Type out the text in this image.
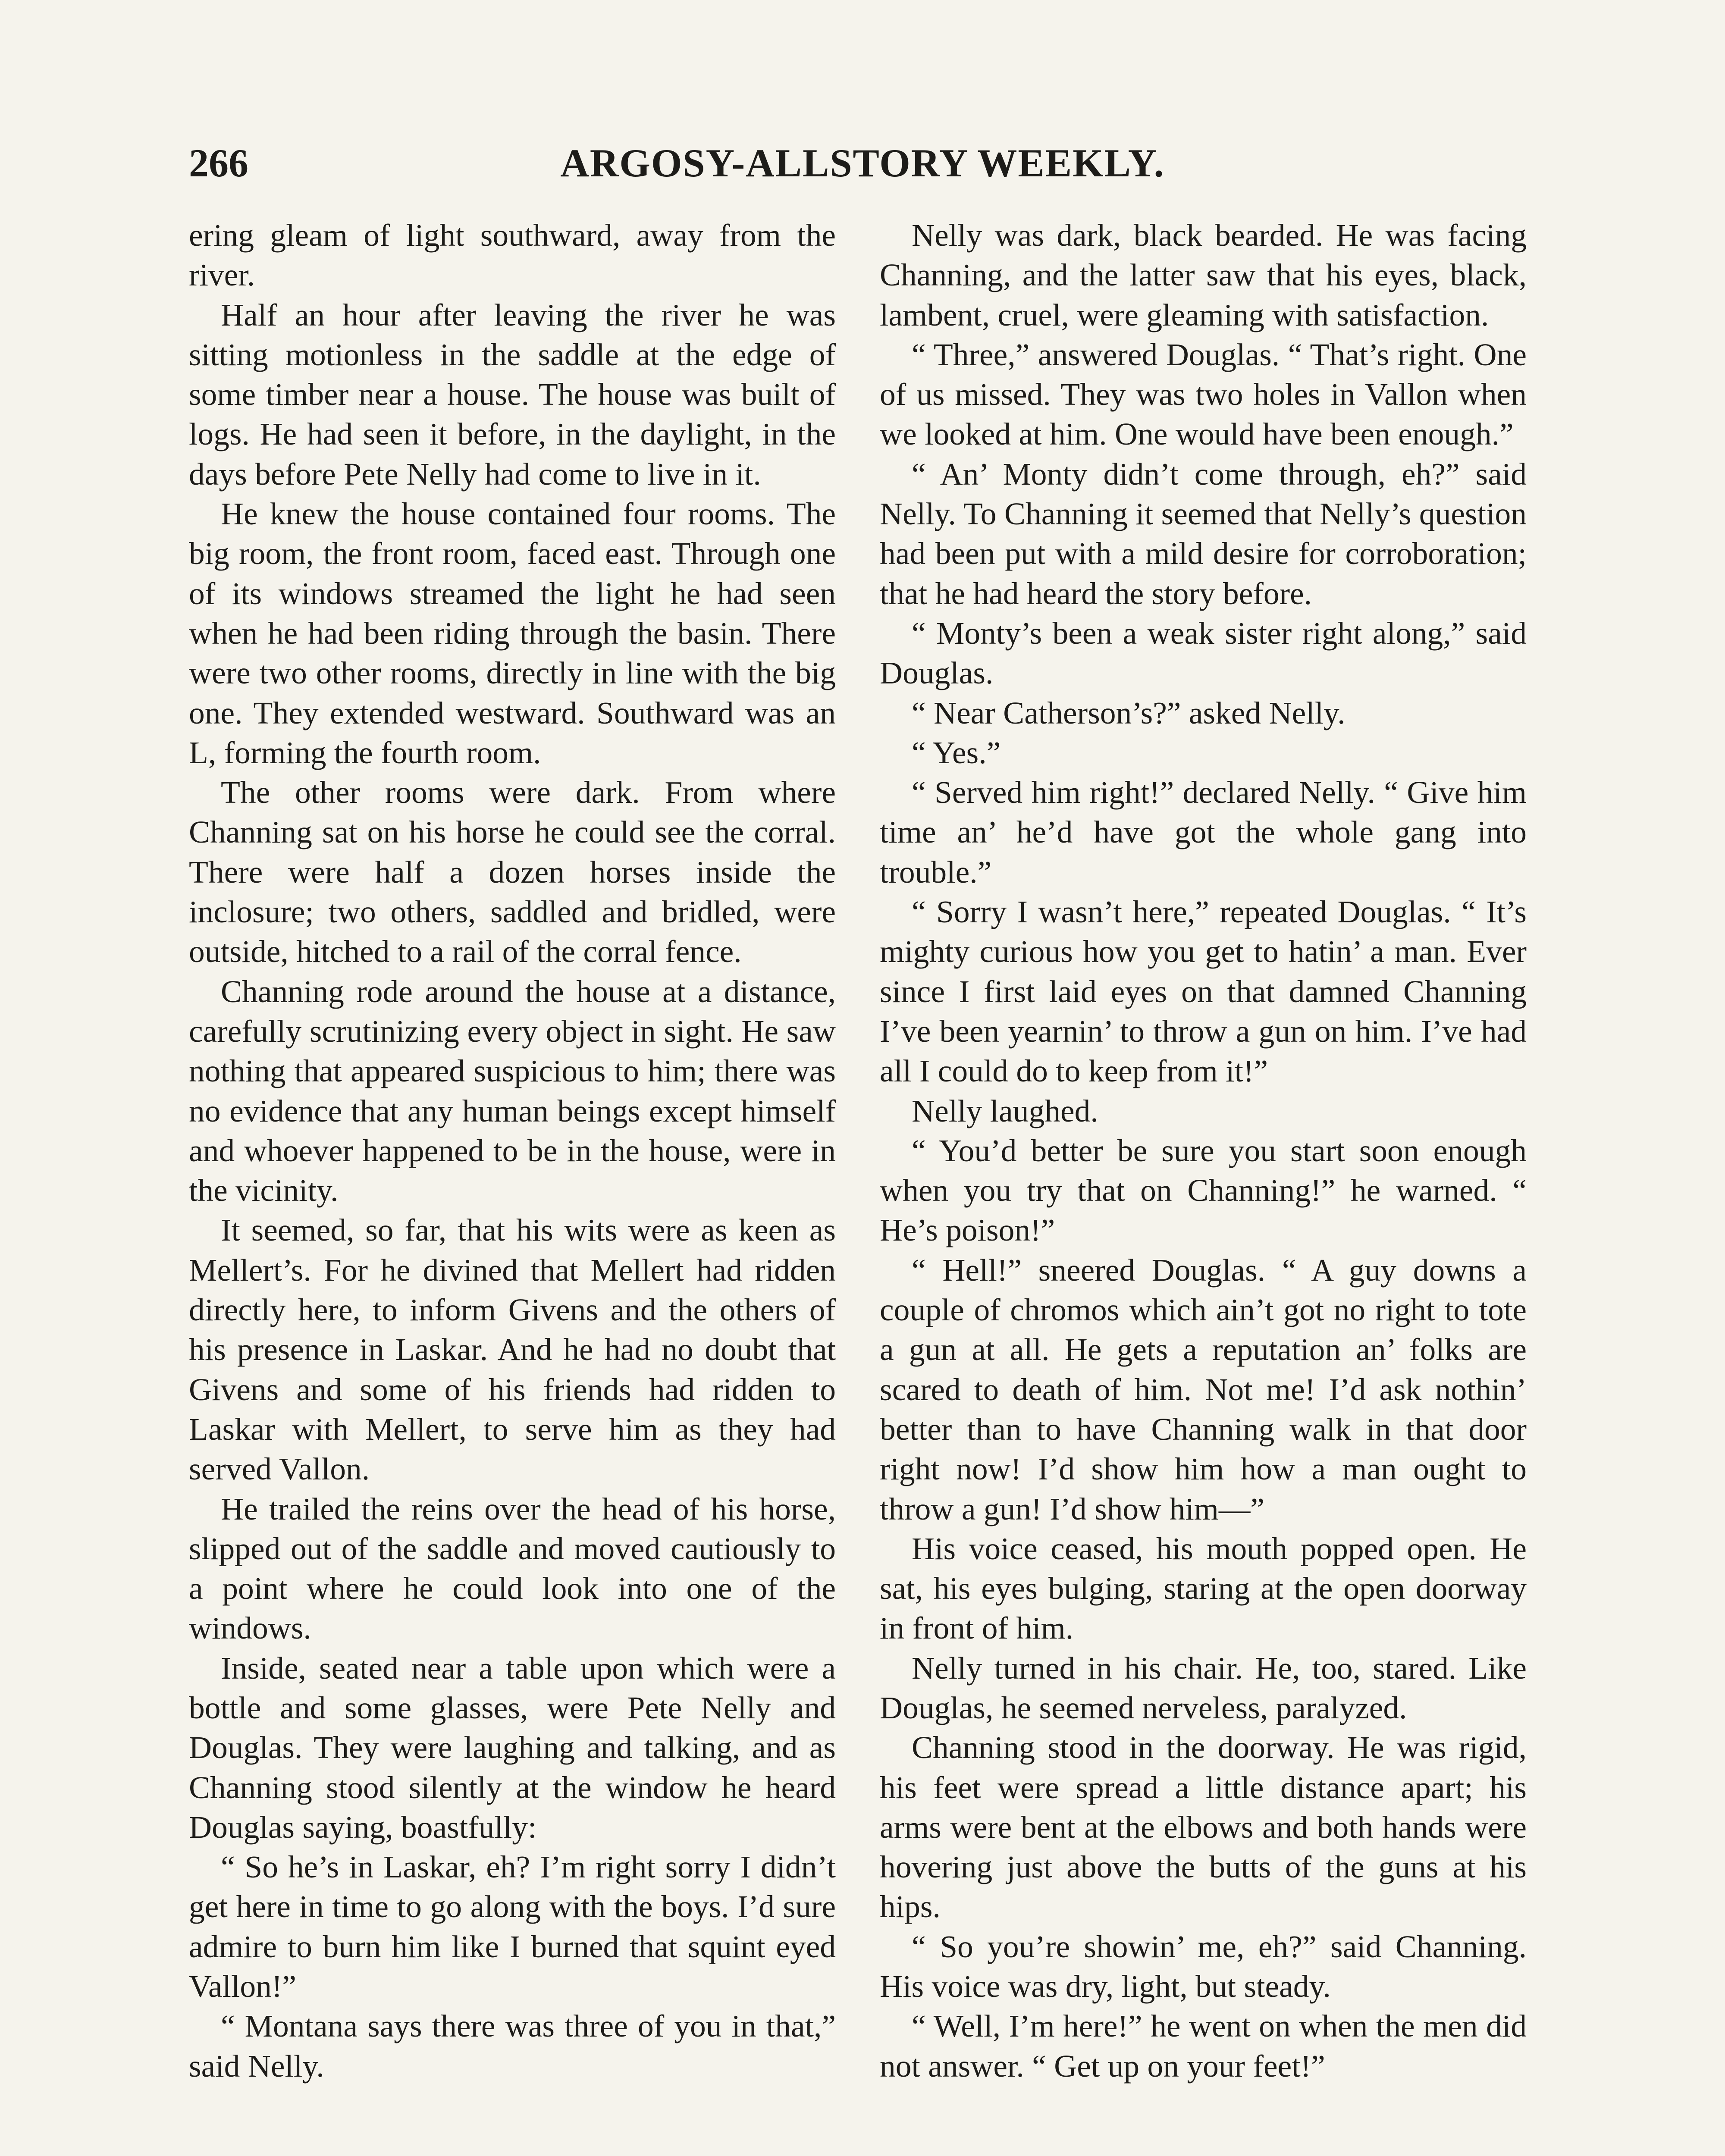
266	ARGOSY-ALLSTORY WEEKLY.

ering gleam of light southward, away from the river.

Half an hour after leaving the river he was sitting motionless in the saddle at the edge of some timber near a house. The house was built of logs. He had seen it before, in the daylight, in the days before Pete Nelly had come to live in it.

He knew the house contained four rooms. The big room, the front room, faced east. Through one of its windows streamed the light he had seen when he had been riding through the basin. There were two other rooms, directly in line with the big one. They extended westward. Southward was an L, forming the fourth room.

The other rooms were dark. From where Channing sat on his horse he could see the corral. There were half a dozen horses inside the inclosure; two others, saddled and bridled, were outside, hitched to a rail of the corral fence.

Channing rode around the house at a distance, carefully scrutinizing every object in sight. He saw nothing that appeared suspicious to him; there was no evidence that any human beings except himself and whoever happened to be in the house, were in the vicinity.

It seemed, so far, that his wits were as keen as Mellert’s. For he divined that Mellert had ridden directly here, to inform Givens and the others of his presence in Laskar. And he had no doubt that Givens and some of his friends had ridden to Laskar with Mellert, to serve him as they had served Vallon.

He trailed the reins over the head of his horse, slipped out of the saddle and moved cautiously to a point where he could look into one of the windows.

Inside, seated near a table upon which were a bottle and some glasses, were Pete Nelly and Douglas. They were laughing and talking, and as Channing stood silently at the window he heard Douglas saying, boastfully:

“ So he’s in Laskar, eh? I’m right sorry I didn’t get here in time to go along with the boys. I’d sure admire to burn him like I burned that squint eyed Vallon!”

“ Montana says there was three of you in that,” said Nelly.

Nelly was dark, black bearded. He was facing Channing, and the latter saw that his eyes, black, lambent, cruel, were gleaming with satisfaction.

“ Three,” answered Douglas. “ That’s right. One of us missed. They was two holes in Vallon when we looked at him. One would have been enough.”

“ An’ Monty didn’t come through, eh?” said Nelly. To Channing it seemed that Nelly’s question had been put with a mild desire for corroboration; that he had heard the story before.

“ Monty’s been a weak sister right along,” said Douglas.

“ Near Catherson’s?” asked Nelly.

“ Yes.”

“ Served him right!” declared Nelly. “ Give him time an’ he’d have got the whole gang into trouble.”

“ Sorry I wasn’t here,” repeated Douglas. “ It’s mighty curious how you get to hatin’ a man. Ever since I first laid eyes on that damned Channing I’ve been yearnin’ to throw a gun on him. I’ve had all I could do to keep from it!”

Nelly laughed.

“ You’d better be sure you start soon enough when you try that on Channing!” he warned. “ He’s poison!”

“ Hell!” sneered Douglas. “ A guy downs a couple of chromos which ain’t got no right to tote a gun at all. He gets a reputation an’ folks are scared to death of him. Not me! I’d ask nothin’ better than to have Channing walk in that door right now! I’d show him how a man ought to throw a gun! I’d show him—”

His voice ceased, his mouth popped open. He sat, his eyes bulging, staring at the open doorway in front of him.

Nelly turned in his chair. He, too, stared. Like Douglas, he seemed nerveless, paralyzed.

Channing stood in the doorway. He was rigid, his feet were spread a little distance apart; his arms were bent at the elbows and both hands were hovering just above the butts of the guns at his hips.

“ So you’re showin’ me, eh?” said Channing. His voice was dry, light, but steady.

“ Well, I’m here!” he went on when the men did not answer. “ Get up on your feet!”
